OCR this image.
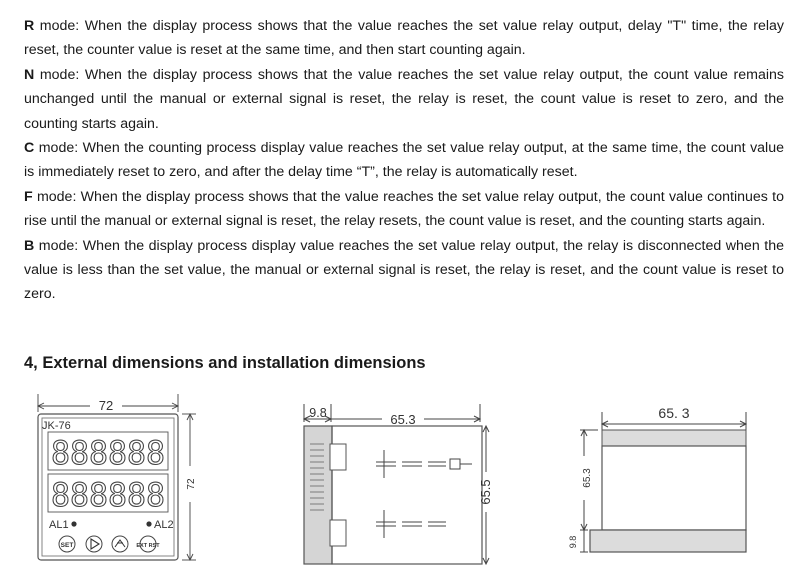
R mode: When the display process shows that the value reaches the set value relay output, delay "T" time, the relay reset, the counter value is reset at the same time, and then start counting again.

N mode: When the display process shows that the value reaches the set value relay output, the count value remains unchanged until the manual or external signal is reset, the relay is reset, the count value is reset to zero, and the counting starts again.

C mode: When the counting process display value reaches the set value relay output, at the same time, the count value is immediately reset to zero, and after the delay time “T”, the relay is automatically reset.

F mode: When the display process shows that the value reaches the set value relay output, the count value continues to rise until the manual or external signal is reset, the relay resets, the count value is reset, and the counting starts again.

B mode: When the display process display value reaches the set value relay output, the relay is disconnected when the value is less than the set value, the manual or external signal is reset, the relay is reset, and the count value is reset to zero.

4, External dimensions and installation dimensions
72
JK-76
888888
888888
AL1	AL2
SET	EXT RST
72
9.8	65.3
65.5
65. 3
65.3
9.8
